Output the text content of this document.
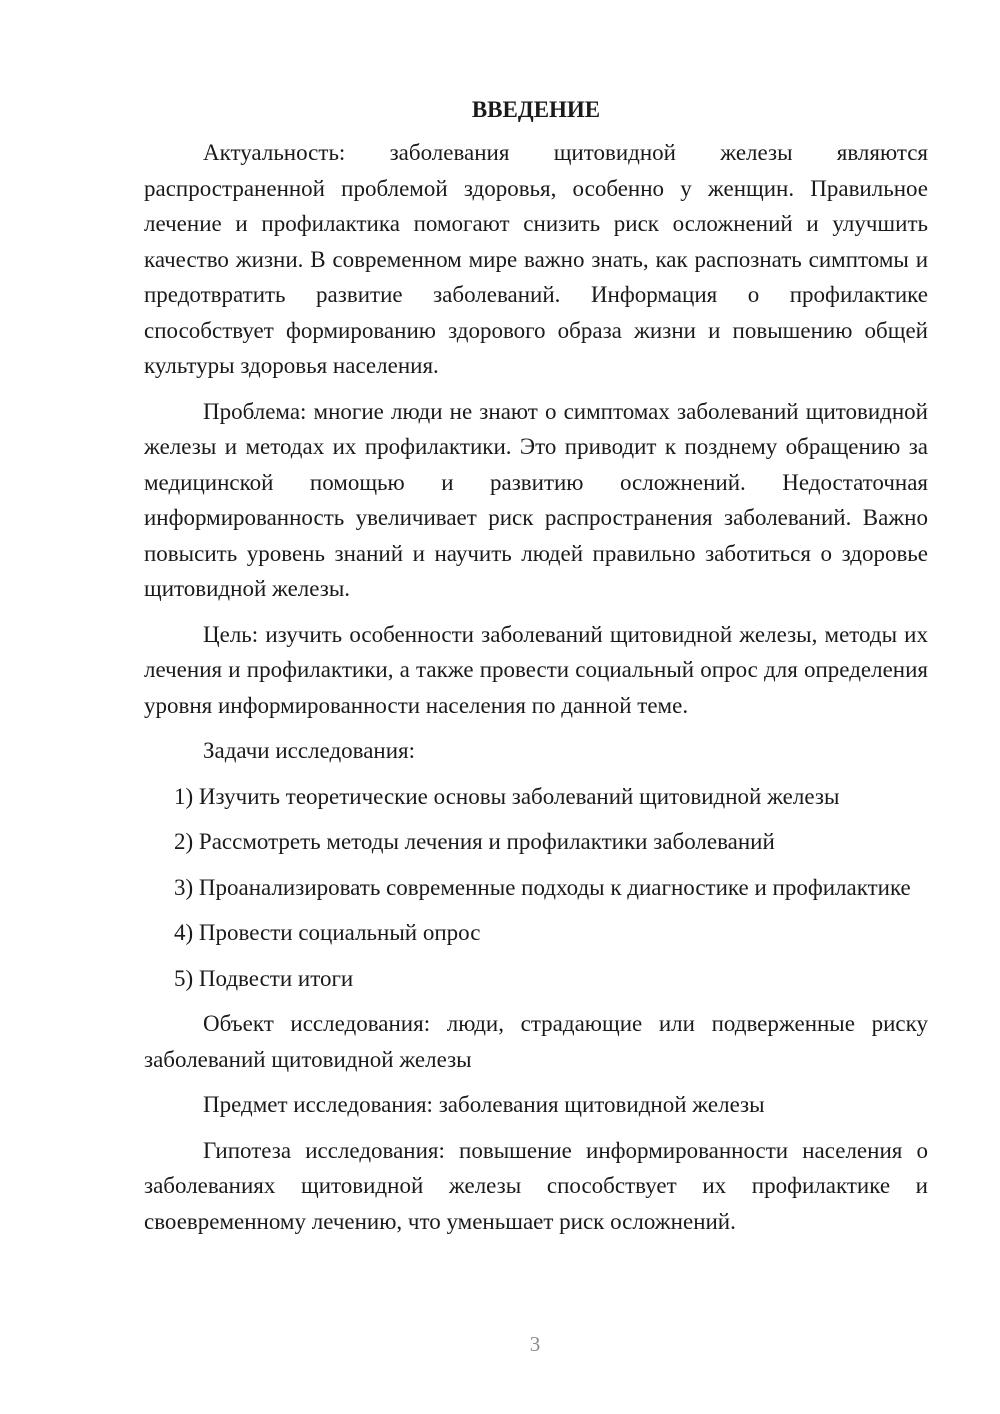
ВВЕДЕНИЕ

Актуальность: заболевания щитовидной железы являются распространенной проблемой здоровья, особенно у женщин. Правильное лечение и профилактика помогают снизить риск осложнений и улучшить качество жизни. В современном мире важно знать, как распознать симптомы и предотвратить развитие заболеваний. Информация о профилактике способствует формированию здорового образа жизни и повышению общей культуры здоровья населения.

Проблема: многие люди не знают о симптомах заболеваний щитовидной железы и методах их профилактики. Это приводит к позднему обращению за медицинской помощью и развитию осложнений. Недостаточная информированность увеличивает риск распространения заболеваний. Важно повысить уровень знаний и научить людей правильно заботиться о здоровье щитовидной железы.

Цель: изучить особенности заболеваний щитовидной железы, методы их лечения и профилактики, а также провести социальный опрос для определения уровня информированности населения по данной теме.

Задачи исследования:

1) Изучить теоретические основы заболеваний щитовидной железы

2) Рассмотреть методы лечения и профилактики заболеваний

3) Проанализировать современные подходы к диагностике и профилактике

4) Провести социальный опрос

5) Подвести итоги

Объект исследования: люди, страдающие или подверженные риску заболеваний щитовидной железы

Предмет исследования: заболевания щитовидной железы

Гипотеза исследования: повышение информированности населения о заболеваниях щитовидной железы способствует их профилактике и своевременному лечению, что уменьшает риск осложнений.

3
